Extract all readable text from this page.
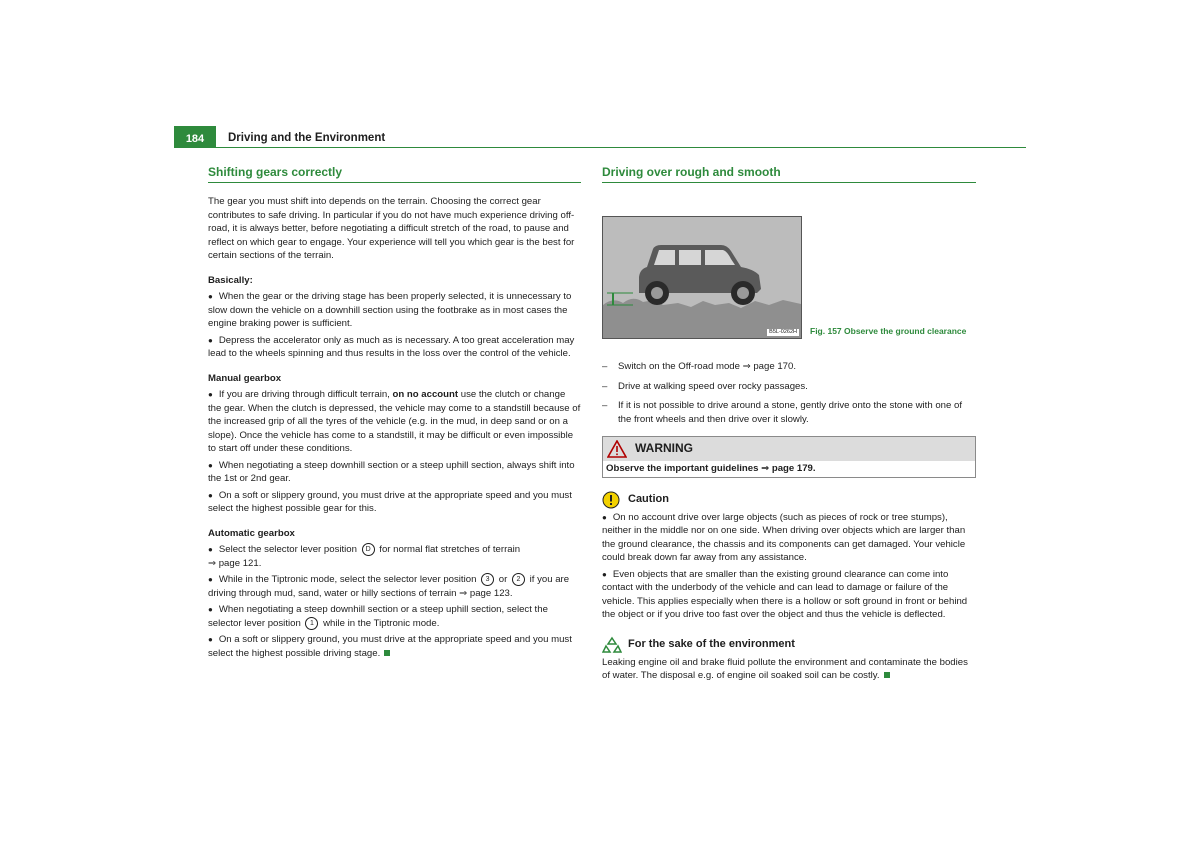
184	Driving and the Environment
Shifting gears correctly

The gear you must shift into depends on the terrain. Choosing the correct gear contributes to safe driving. In particular if you do not have much experience driving off-road, it is always better, before negotiating a difficult stretch of the road, to pause and reflect on which gear to engage. Your experience will tell you which gear is the best for certain sections of the terrain.

Basically:
● When the gear or the driving stage has been properly selected, it is unnecessary to slow down the vehicle on a downhill section using the footbrake as in most cases the engine braking power is sufficient.
● Depress the accelerator only as much as is necessary. A too great acceleration may lead to the wheels spinning and thus results in the loss over the control of the vehicle.
Manual gearbox
● If you are driving through difficult terrain, on no account use the clutch or change the gear. When the clutch is depressed, the vehicle may come to a standstill because of the increased grip of all the tyres of the vehicle (e.g. in the mud, in deep sand or on a slope). Once the vehicle has come to a standstill, it may be difficult or even impossible to start off under these conditions.
● When negotiating a steep downhill section or a steep uphill section, always shift into the 1st or 2nd gear.
● On a soft or slippery ground, you must drive at the appropriate speed and you must select the highest possible gear for this.
Automatic gearbox
● Select the selector lever position D for normal flat stretches of terrain
⇒ page 121.
● While in the Tiptronic mode, select the selector lever position 3 or 2 if you are driving through mud, sand, water or hilly sections of terrain ⇒ page 123.
● When negotiating a steep downhill section or a steep uphill section, select the selector lever position 1 while in the Tiptronic mode.
● On a soft or slippery ground, you must drive at the appropriate speed and you must select the highest possible driving stage.
Driving over rough and smooth
B5L-0262H Fig. 157 Observe the ground clearance
– Switch on the Off-road mode ⇒ page 170.
– Drive at walking speed over rocky passages.
– If it is not possible to drive around a stone, gently drive onto the stone with one of the front wheels and then drive over it slowly.
WARNING
Observe the important guidelines ⇒ page 179.
Caution
● On no account drive over large objects (such as pieces of rock or tree stumps), neither in the middle nor on one side. When driving over objects which are larger than the ground clearance, the chassis and its components can get damaged. Your vehicle could break down far away from any assistance.
● Even objects that are smaller than the existing ground clearance can come into contact with the underbody of the vehicle and can lead to damage or failure of the vehicle. This applies especially when there is a hollow or soft ground in front or behind the object or if you drive too fast over the object and thus the vehicle is deflected.
For the sake of the environment
Leaking engine oil and brake fluid pollute the environment and contaminate the bodies of water. The disposal e.g. of engine oil soaked soil can be costly.
